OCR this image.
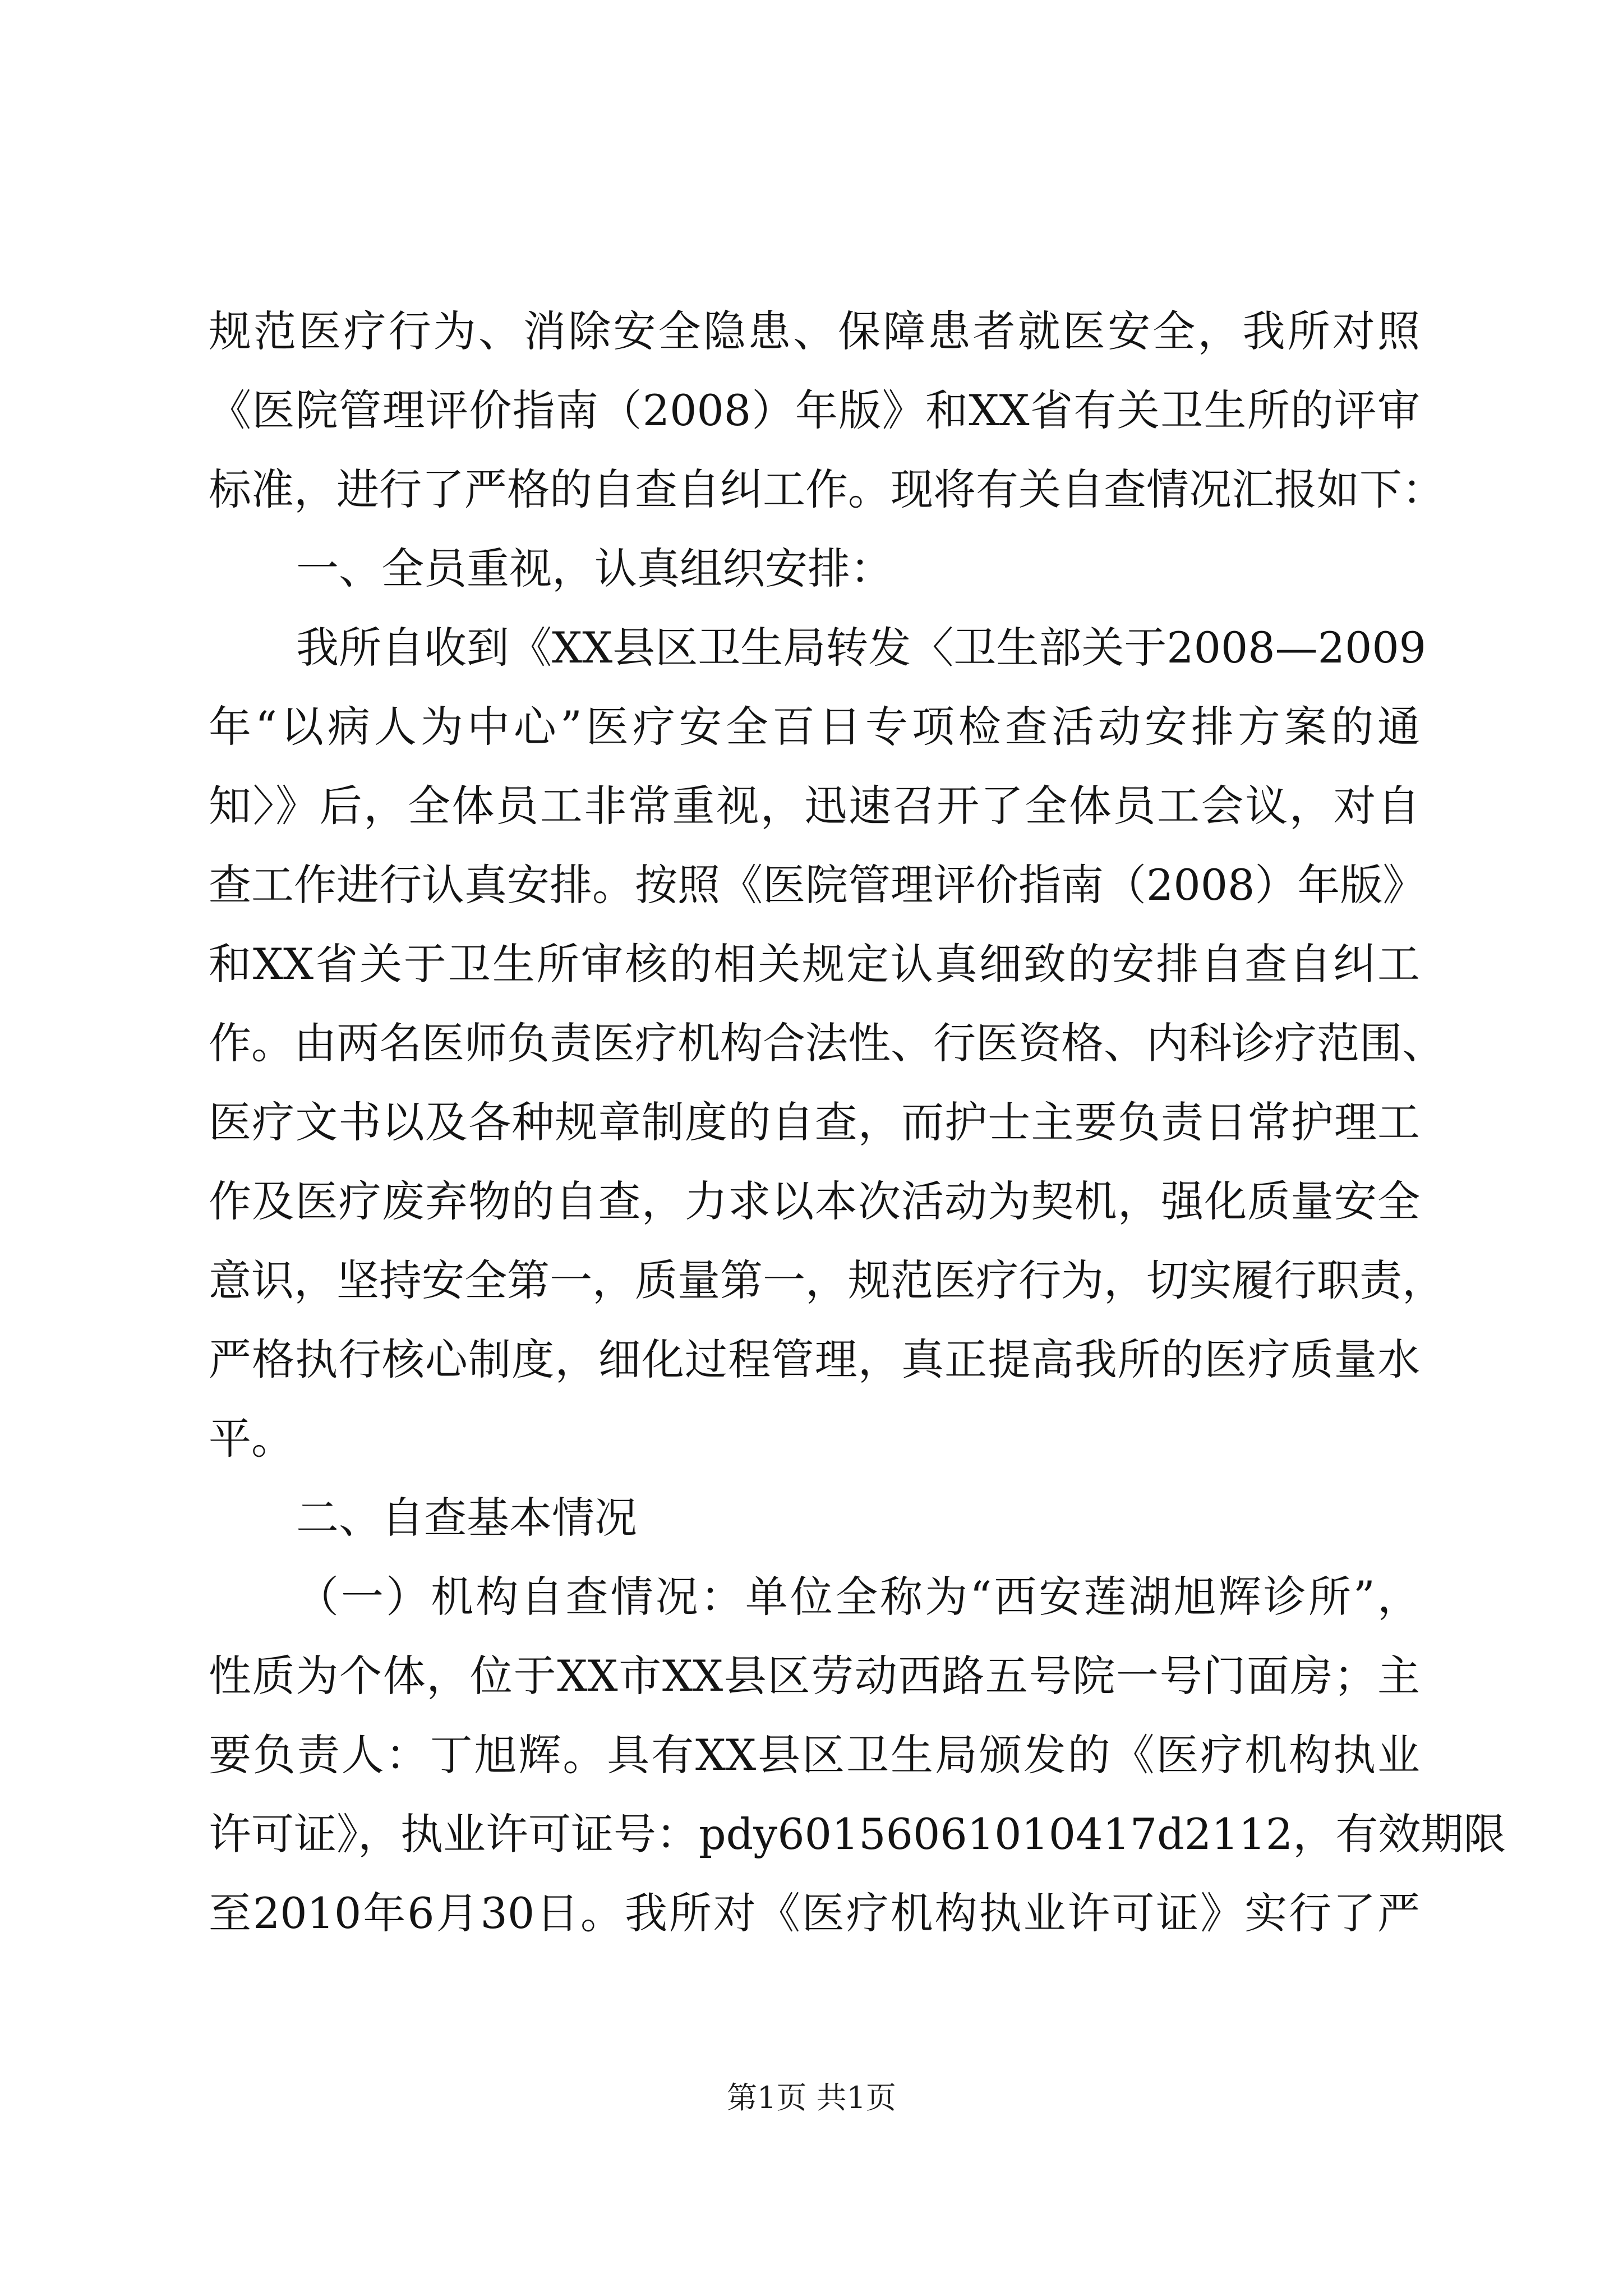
规范医疗行为、消除安全隐患、保障患者就医安全，我所对照
《医院管理评价指南（2008）年版》和XX省有关卫生所的评审
标准，进行了严格的自查自纠工作。现将有关自查情况汇报如下：
一、全员重视，认真组织安排：
我所自收到《XX县区卫生局转发〈卫生部关于2008—2009
年“以病人为中心”医疗安全百日专项检查活动安排方案的通
知〉》后，全体员工非常重视，迅速召开了全体员工会议，对自
查工作进行认真安排。按照《医院管理评价指南（2008）年版》
和XX省关于卫生所审核的相关规定认真细致的安排自查自纠工
作。由两名医师负责医疗机构合法性、行医资格、内科诊疗范围、
医疗文书以及各种规章制度的自查，而护士主要负责日常护理工
作及医疗废弃物的自查，力求以本次活动为契机，强化质量安全
意识，坚持安全第一，质量第一，规范医疗行为，切实履行职责，
严格执行核心制度，细化过程管理，真正提高我所的医疗质量水
平。
二、自查基本情况
（一）机构自查情况：单位全称为“西安莲湖旭辉诊所”，
性质为个体，位于XX市XX县区劳动西路五号院一号门面房；主
要负责人：丁旭辉。具有XX县区卫生局颁发的《医疗机构执业
许可证》，执业许可证号：pdy60156061010417d2112，有效期限
至2010年6月30日。我所对《医疗机构执业许可证》实行了严
第1页 共1页
